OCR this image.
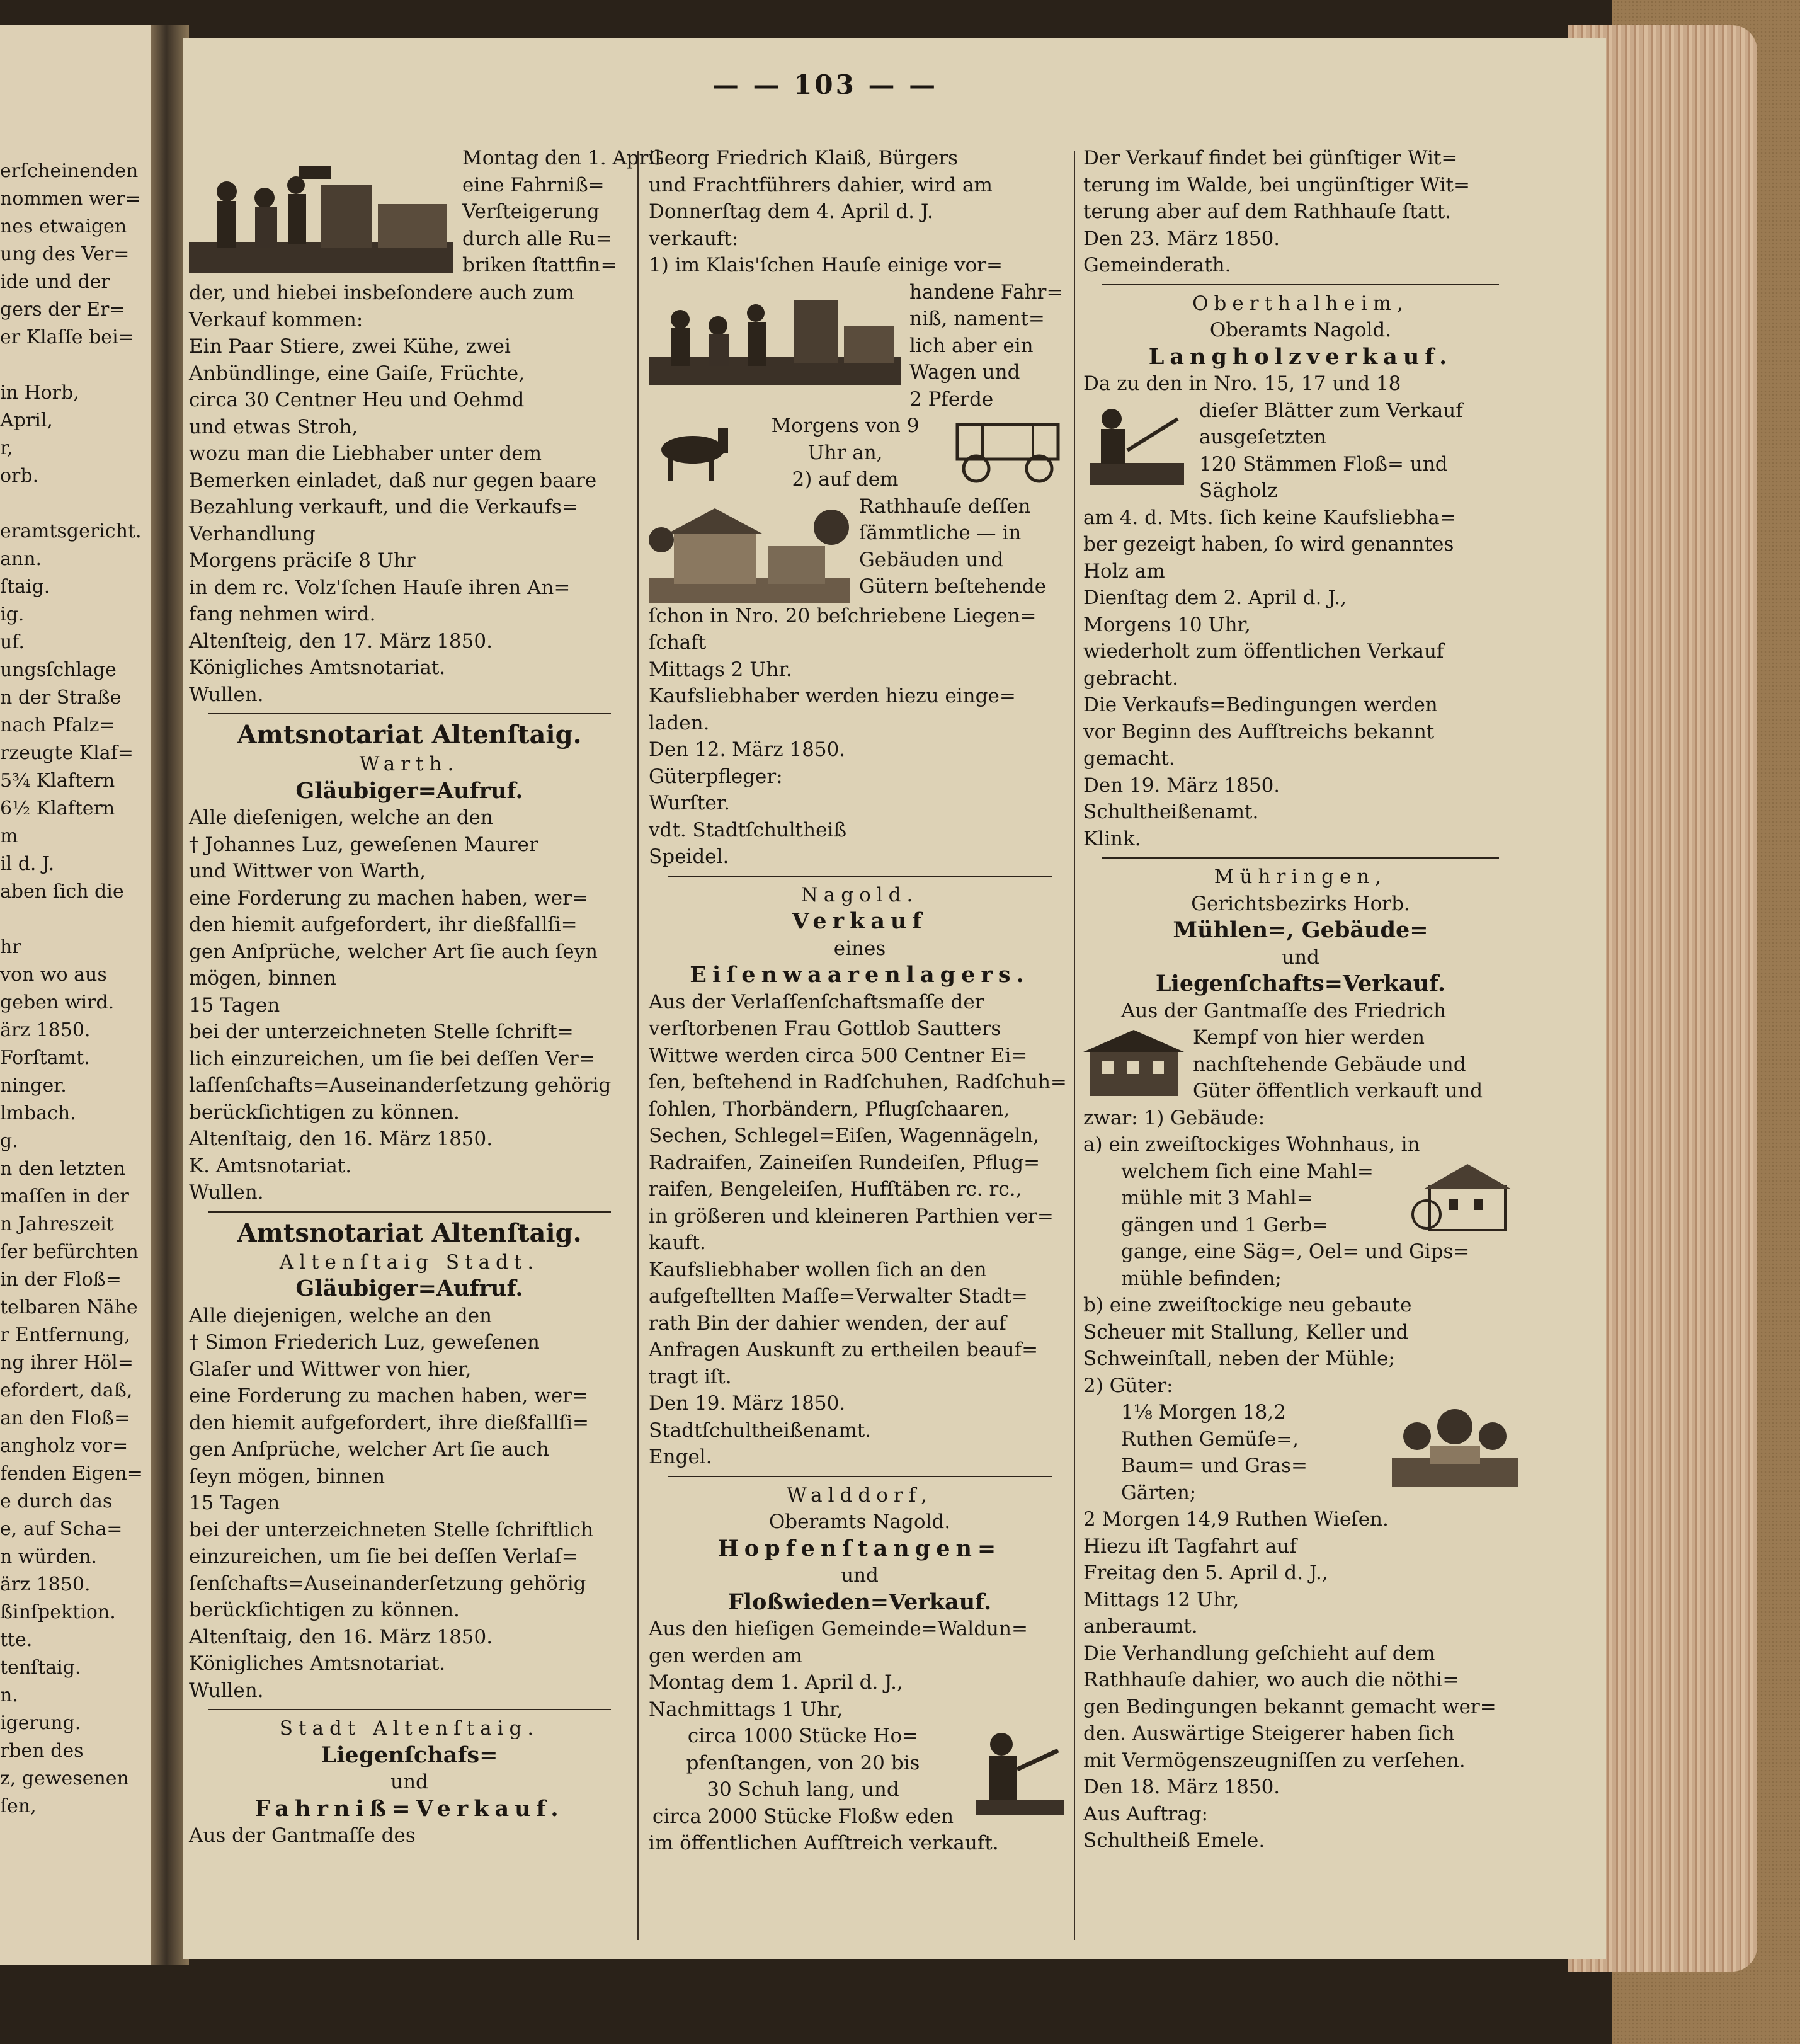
erſcheinenden
nommen wer=
nes etwaigen
ung des Ver=
ide und der
gers der Er=
er Klaſſe bei=

in Horb,
April,
r,
orb.

eramtsgericht.
ann.
ſtaig.
ig.
uf.
ungsſchlage
n der Straße
nach Pfalz=
rzeugte Klaf=
5¾ Klaftern
6½ Klaftern
m
il d. J.
aben ſich die

hr
von wo aus
geben wird.
ärz 1850.
Forſtamt.
ninger.
lmbach.
g.
n den letzten
maſſen in der
n Jahreszeit
ſer befürchten
in der Floß=
telbaren Nähe
r Entfernung,
ng ihrer Höl=
efordert, daß,
an den Floß=
angholz vor=
fenden Eigen=
e durch das
e, auf Scha=
n würden.
ärz 1850.
ßinſpektion.
tte.
tenſtaig.
n.
igerung.
rben des
z, gewesenen
ſen,
— — 103 — —
Montag den 1. April
eine Fahrniß=
Verſteigerung
durch alle Ru=
briken ſtattfin=
der, und hiebei insbeſondere auch zum
Verkauf kommen:
Ein Paar Stiere, zwei Kühe, zwei
Anbündlinge, eine Gaiſe, Früchte,
circa 30 Centner Heu und Oehmd
und etwas Stroh,
wozu man die Liebhaber unter dem
Bemerken einladet, daß nur gegen baare
Bezahlung verkauft, und die Verkaufs=
Verhandlung
Morgens präciſe 8 Uhr
in dem rc. Volz'ſchen Hauſe ihren An=
fang nehmen wird.
Altenſteig, den 17. März 1850.
Königliches Amtsnotariat.
Wullen.
Amtsnotariat Altenſtaig.
Warth.
Gläubiger=Aufruf.
Alle dieſenigen, welche an den
† Johannes Luz, geweſenen Maurer
und Wittwer von Warth,
eine Forderung zu machen haben, wer=
den hiemit aufgefordert, ihr dießfallſi=
gen Anſprüche, welcher Art ſie auch ſeyn
mögen, binnen
15 Tagen
bei der unterzeichneten Stelle ſchrift=
lich einzureichen, um ſie bei deſſen Ver=
laſſenſchafts=Auseinanderſetzung gehörig
berückſichtigen zu können.
Altenſtaig, den 16. März 1850.
K. Amtsnotariat.
Wullen.
Amtsnotariat Altenſtaig.
Altenſtaig Stadt.
Gläubiger=Aufruf.
Alle diejenigen, welche an den
† Simon Friederich Luz, geweſenen
Glaſer und Wittwer von hier,
eine Forderung zu machen haben, wer=
den hiemit aufgefordert, ihre dießfallſi=
gen Anſprüche, welcher Art ſie auch
ſeyn mögen, binnen
15 Tagen
bei der unterzeichneten Stelle ſchriftlich
einzureichen, um ſie bei deſſen Verlaſ=
ſenſchafts=Auseinanderſetzung gehörig
berückſichtigen zu können.
Altenſtaig, den 16. März 1850.
Königliches Amtsnotariat.
Wullen.
Stadt Altenſtaig.
Liegenſchafs=
und
Fahrniß=Verkauf.
Aus der Gantmaſſe des
Georg Friedrich Klaiß, Bürgers
und Frachtführers dahier, wird am
Donnerſtag dem 4. April d. J.
verkauft:
1) im Klais'ſchen Hauſe einige vor=
handene Fahr=
niß, nament=
lich aber ein
Wagen und
2 Pferde
Morgens von 9
Uhr an,
2) auf dem
Rathhauſe deſſen
ſämmtliche — in
Gebäuden und
Gütern beſtehende
ſchon in Nro. 20 beſchriebene Liegen=
ſchaft
Mittags 2 Uhr.
Kaufsliebhaber werden hiezu einge=
laden.
Den 12. März 1850.
Güterpfleger:
Wurſter.
vdt. Stadtſchultheiß
Speidel.
Nagold.
Verkauf
eines
Eiſenwaarenlagers.
Aus der Verlaſſenſchaftsmaſſe der
verſtorbenen Frau Gottlob Sautters
Wittwe werden circa 500 Centner Ei=
ſen, beſtehend in Radſchuhen, Radſchuh=
ſohlen, Thorbändern, Pflugſchaaren,
Sechen, Schlegel=Eiſen, Wagennägeln,
Radraifen, Zaineiſen Rundeiſen, Pflug=
raifen, Bengeleiſen, Hufſtäben rc. rc.,
in größeren und kleineren Parthien ver=
kauft.
Kaufsliebhaber wollen ſich an den
aufgeſtellten Maſſe=Verwalter Stadt=
rath Bin der dahier wenden, der auf
Anfragen Auskunft zu ertheilen beauf=
tragt iſt.
Den 19. März 1850.
Stadtſchultheißenamt.
Engel.
Walddorf,
Oberamts Nagold.
Hopfenſtangen=
und
Floßwieden=Verkauf.
Aus den hieſigen Gemeinde=Waldun=
gen werden am
Montag dem 1. April d. J.,
Nachmittags 1 Uhr,
circa 1000 Stücke Ho=
pfenſtangen, von 20 bis
30 Schuh lang, und
circa 2000 Stücke Floßw eden
im öffentlichen Aufſtreich verkauft.
Der Verkauf findet bei günſtiger Wit=
terung im Walde, bei ungünſtiger Wit=
terung aber auf dem Rathhauſe ſtatt.
Den 23. März 1850.
Gemeinderath.
Oberthalheim,
Oberamts Nagold.
Langholzverkauf.
Da zu den in Nro. 15, 17 und 18
dieſer Blätter zum Verkauf
ausgeſetzten
120 Stämmen Floß= und
Sägholz
am 4. d. Mts. ſich keine Kaufsliebha=
ber gezeigt haben, ſo wird genanntes
Holz am
Dienſtag dem 2. April d. J.,
Morgens 10 Uhr,
wiederholt zum öffentlichen Verkauf
gebracht.
Die Verkaufs=Bedingungen werden
vor Beginn des Aufſtreichs bekannt
gemacht.
Den 19. März 1850.
Schultheißenamt.
Klink.
Mühringen,
Gerichtsbezirks Horb.
Mühlen=, Gebäude=
und
Liegenſchafts=Verkauf.
Aus der Gantmaſſe des Friedrich
Kempf von hier werden
nachſtehende Gebäude und
Güter öffentlich verkauft und
zwar: 1) Gebäude:
a) ein zweiſtockiges Wohnhaus, in
welchem ſich eine Mahl=
mühle mit 3 Mahl=
gängen und 1 Gerb=
gange, eine Säg=, Oel= und Gips=
mühle befinden;
b) eine zweiſtockige neu gebaute
Scheuer mit Stallung, Keller und
Schweinſtall, neben der Mühle;
2) Güter:
1⅛ Morgen 18,2
Ruthen Gemüſe=,
Baum= und Gras=
Gärten;
2 Morgen 14,9 Ruthen Wieſen.
Hiezu iſt Tagfahrt auf
Freitag den 5. April d. J.,
Mittags 12 Uhr,
anberaumt.
Die Verhandlung geſchieht auf dem
Rathhauſe dahier, wo auch die nöthi=
gen Bedingungen bekannt gemacht wer=
den. Auswärtige Steigerer haben ſich
mit Vermögenszeugniſſen zu verſehen.
Den 18. März 1850.
Aus Auftrag:
Schultheiß Emele.
